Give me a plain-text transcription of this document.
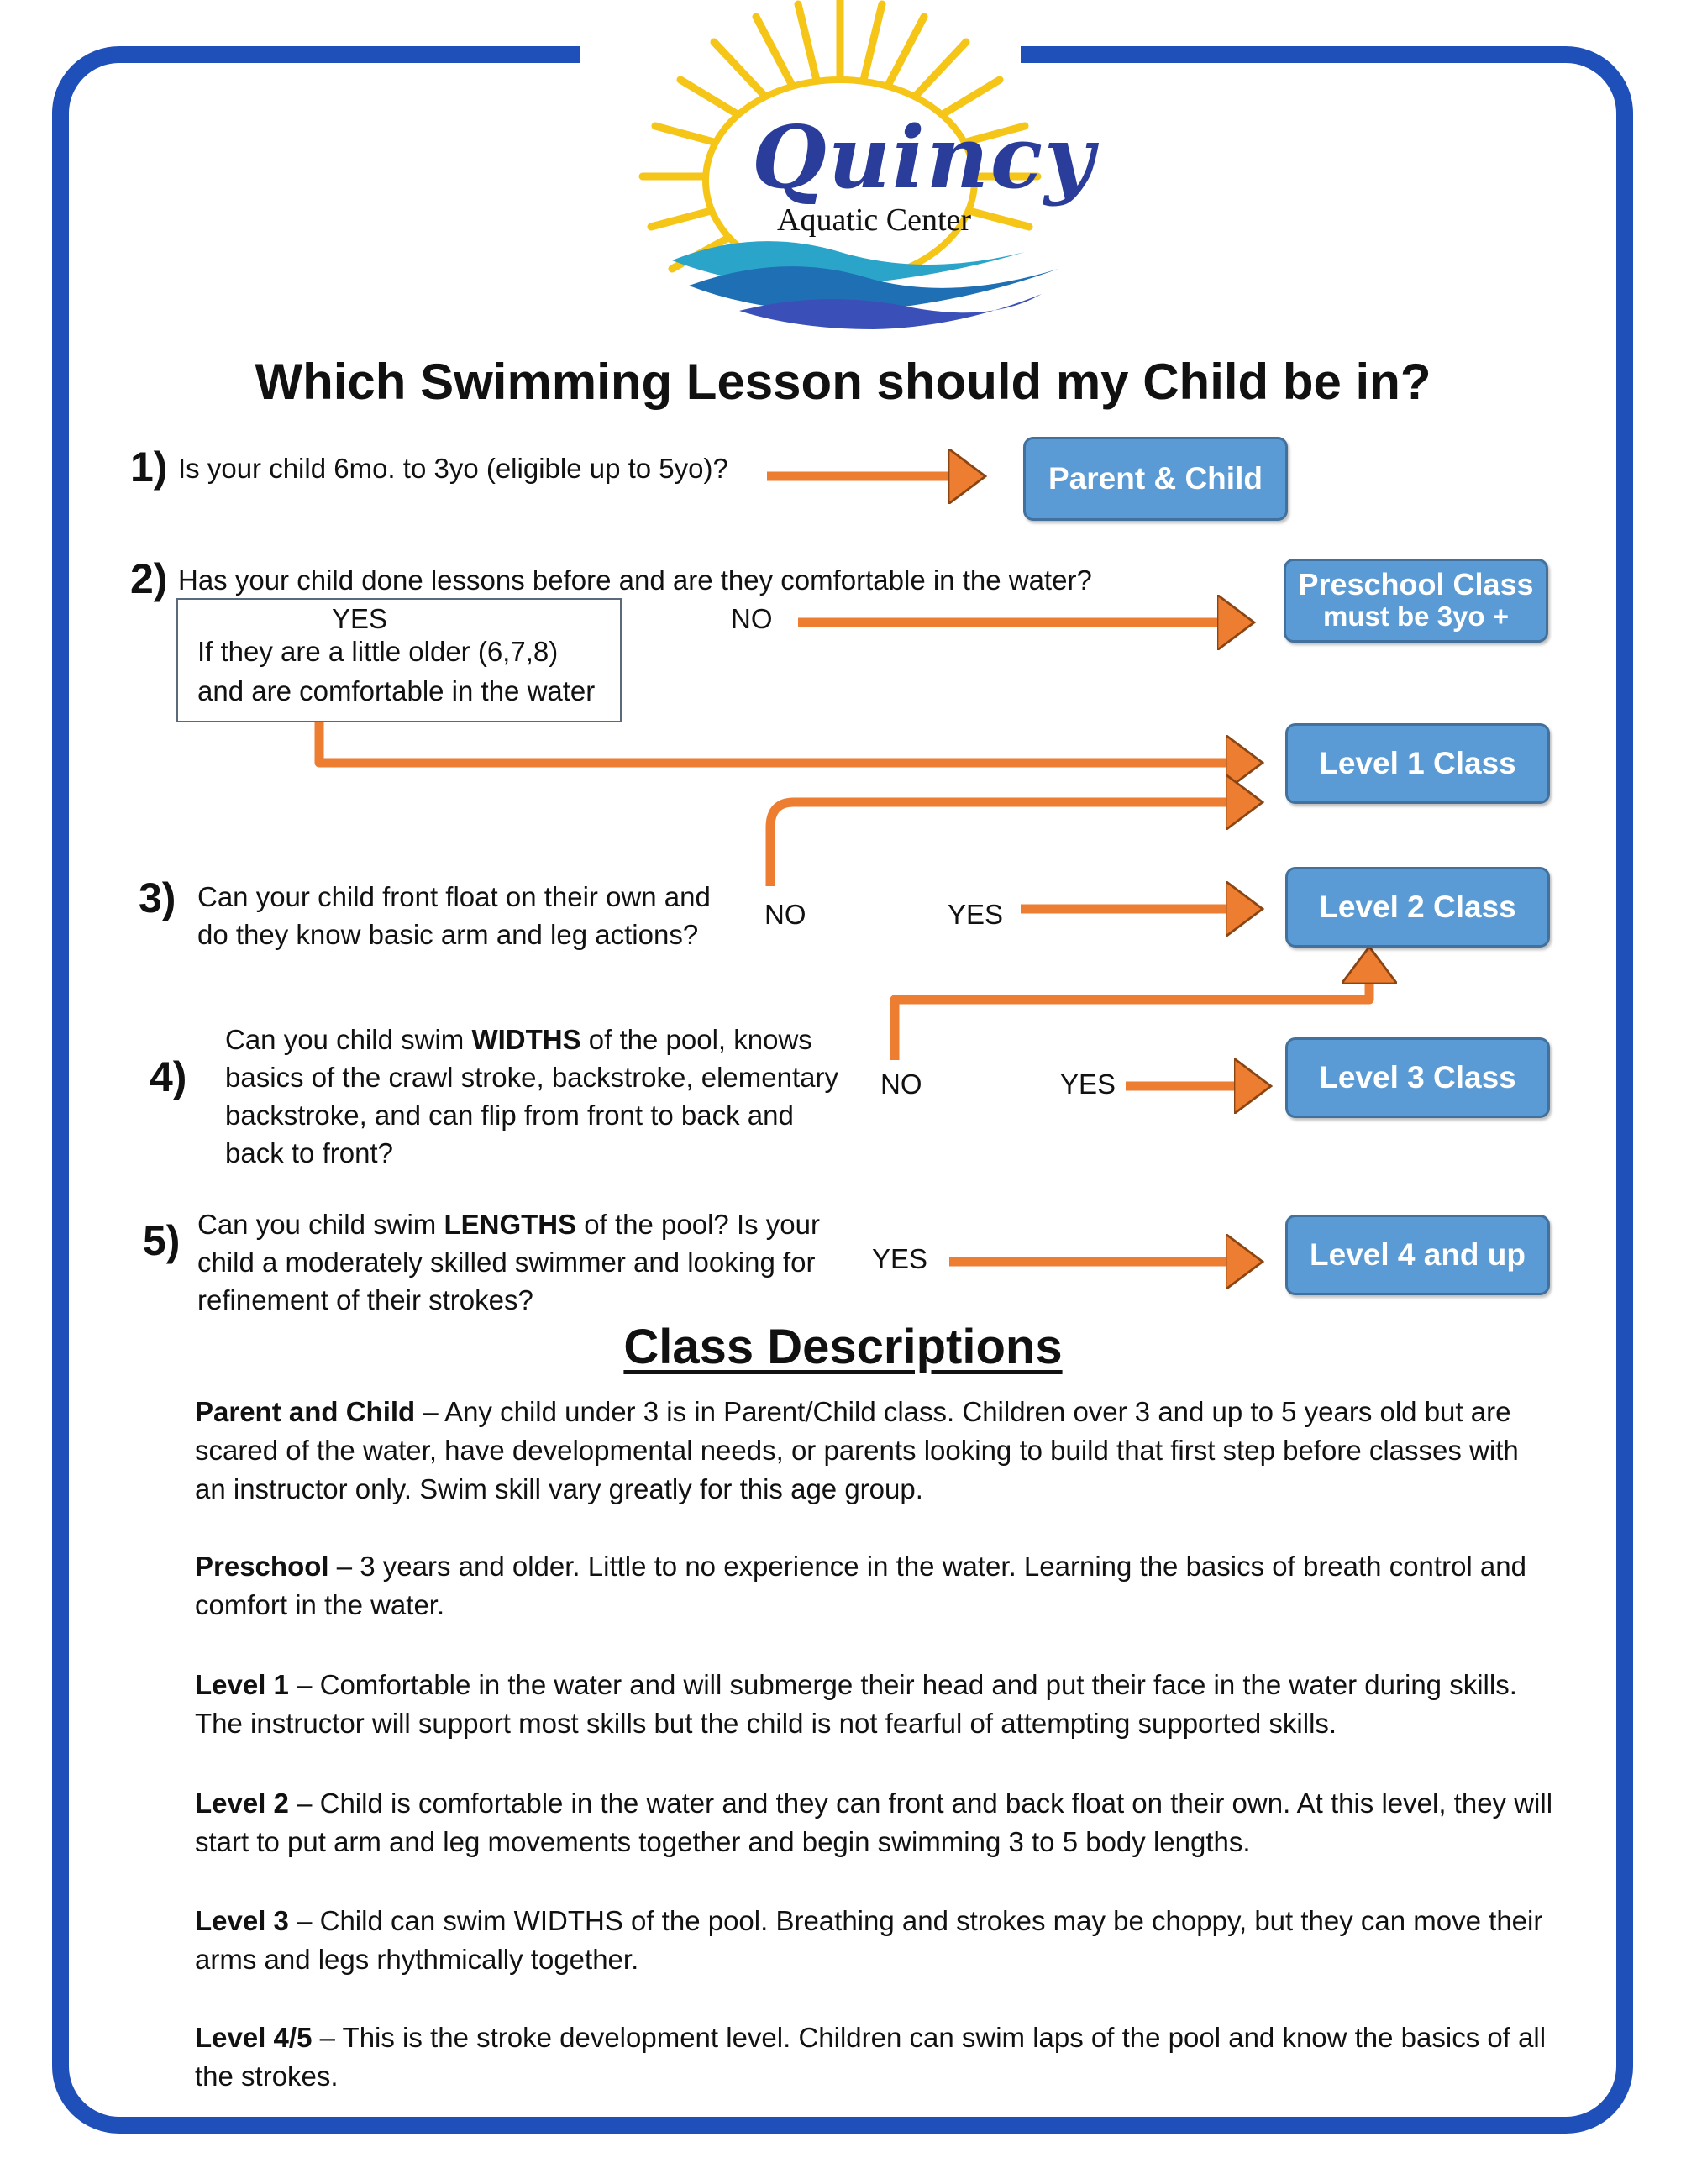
Quincy
Aquatic Center
Which Swimming Lesson should my Child be in?
1) Is your child 6mo. to 3yo (eligible up to 5yo)?
2) Has your child done lessons before and are they comfortable in the water?
YES
If they are a little older (6,7,8)
and are comfortable in the water
NO
3) Can your child front float on their own and
do they know basic arm and leg actions?
NO	YES
4)
Can you child swim WIDTHS of the pool, knows
basics of the crawl stroke, backstroke, elementary
backstroke, and can flip from front to back and
back to front?
NO	YES
5) Can you child swim LENGTHS of the pool? Is your
child a moderately skilled swimmer and looking for
refinement of their strokes?
YES
Parent & Child
Preschool Class
must be 3yo +
Level 1 Class
Level 2 Class
Level 3 Class
Level 4 and up
Class Descriptions
Parent and Child – Any child under 3 is in Parent/Child class. Children over 3 and up to 5 years old but are scared of the water, have developmental needs, or parents looking to build that first step before classes with an instructor only. Swim skill vary greatly for this age group.
Preschool – 3 years and older. Little to no experience in the water. Learning the basics of breath control and comfort in the water.
Level 1 – Comfortable in the water and will submerge their head and put their face in the water during skills. The instructor will support most skills but the child is not fearful of attempting supported skills.
Level 2 – Child is comfortable in the water and they can front and back float on their own. At this level, they will start to put arm and leg movements together and begin swimming 3 to 5 body lengths.
Level 3 – Child can swim WIDTHS of the pool. Breathing and strokes may be choppy, but they can move their arms and legs rhythmically together.
Level 4/5 – This is the stroke development level. Children can swim laps of the pool and know the basics of all the strokes.
